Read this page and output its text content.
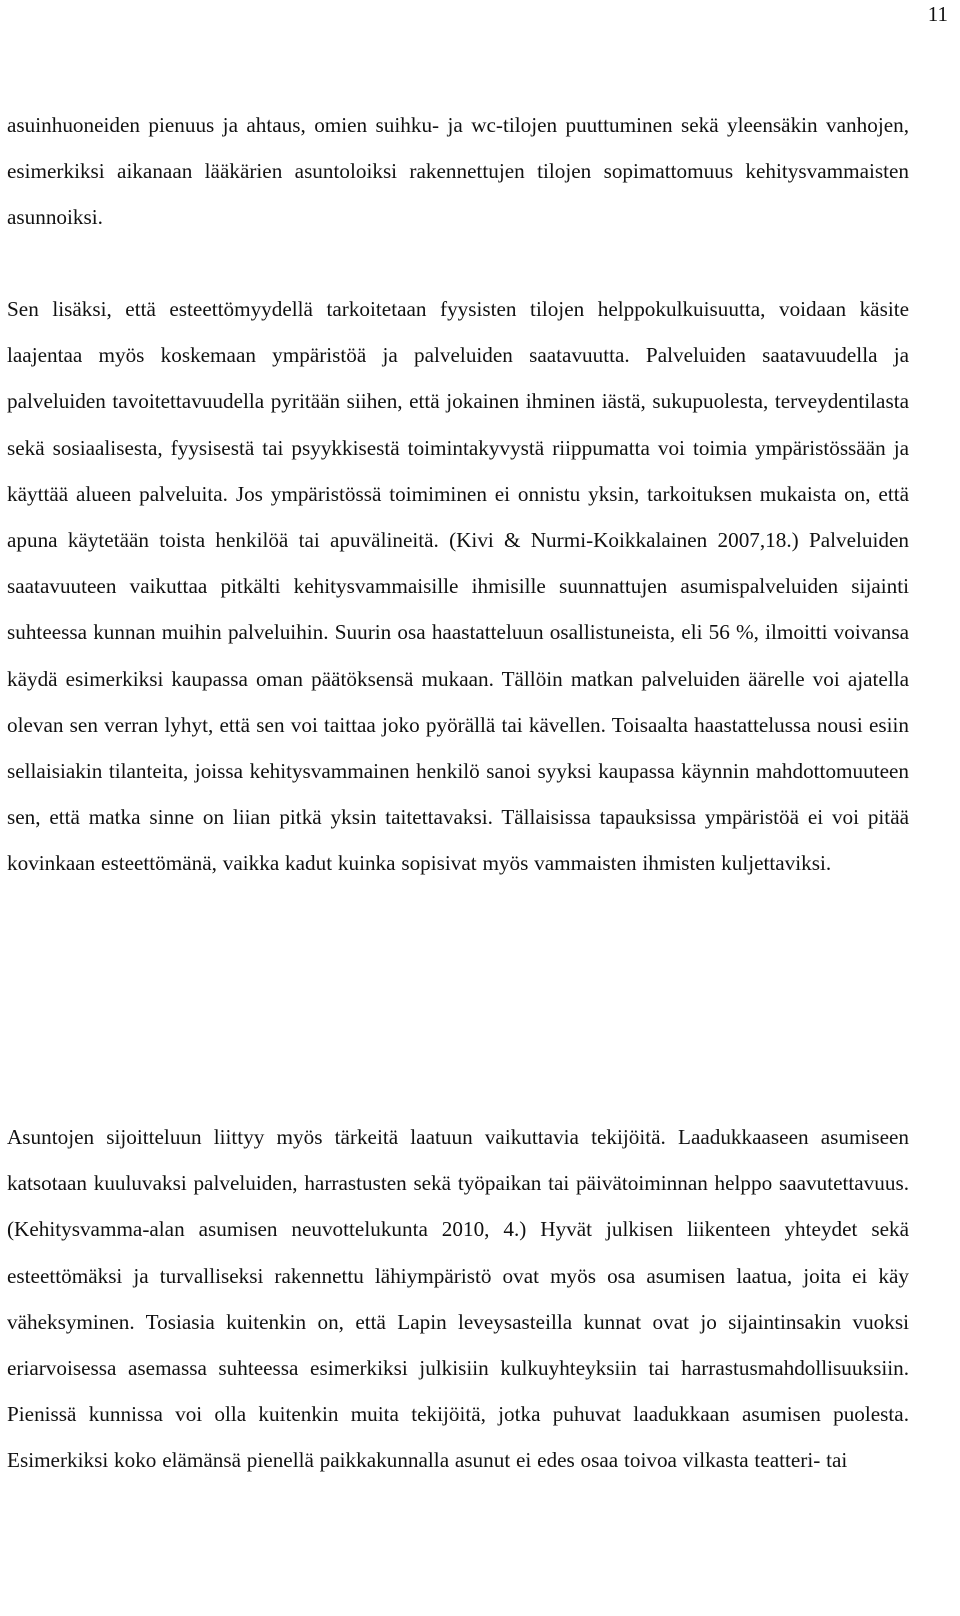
11

asuinhuoneiden pienuus ja ahtaus, omien suihku- ja wc-tilojen puuttuminen sekä yleensäkin vanhojen, esimerkiksi aikanaan lääkärien asuntoloiksi rakennettujen tilojen sopimattomuus kehitysvammaisten asunnoiksi.

Sen lisäksi, että esteettömyydellä tarkoitetaan fyysisten tilojen helppokulkuisuutta, voidaan käsite laajentaa myös koskemaan ympäristöä ja palveluiden saatavuutta. Palveluiden saatavuudella ja palveluiden tavoitettavuudella pyritään siihen, että jokainen ihminen iästä, sukupuolesta, terveydentilasta sekä sosiaalisesta, fyysisestä tai psyykkisestä toimintakyvystä riippumatta voi toimia ympäristössään ja käyttää alueen palveluita. Jos ympäristössä toimiminen ei onnistu yksin, tarkoituksen mukaista on, että apuna käytetään toista henkilöä tai apuvälineitä. (Kivi & Nurmi-Koikkalainen 2007,18.) Palveluiden saatavuuteen vaikuttaa pitkälti kehitysvammaisille ihmisille suunnattujen asumispalveluiden sijainti suhteessa kunnan muihin palveluihin. Suurin osa haastatteluun osallistuneista, eli 56 %, ilmoitti voivansa käydä esimerkiksi kaupassa oman päätöksensä mukaan. Tällöin matkan palveluiden äärelle voi ajatella olevan sen verran lyhyt, että sen voi taittaa joko pyörällä tai kävellen. Toisaalta haastattelussa nousi esiin sellaisiakin tilanteita, joissa kehitysvammainen henkilö sanoi syyksi kaupassa käynnin mahdottomuuteen sen, että matka sinne on liian pitkä yksin taitettavaksi. Tällaisissa tapauksissa ympäristöä ei voi pitää kovinkaan esteettömänä, vaikka kadut kuinka sopisivat myös vammaisten ihmisten kuljettaviksi.

Asuntojen sijoitteluun liittyy myös tärkeitä laatuun vaikuttavia tekijöitä. Laadukkaaseen asumiseen katsotaan kuuluvaksi palveluiden, harrastusten sekä työpaikan tai päivätoiminnan helppo saavutettavuus. (Kehitysvamma-alan asumisen neuvottelukunta 2010, 4.) Hyvät julkisen liikenteen yhteydet sekä esteettömäksi ja turvalliseksi rakennettu lähiympäristö ovat myös osa asumisen laatua, joita ei käy väheksyminen. Tosiasia kuitenkin on, että Lapin leveysasteilla kunnat ovat jo sijaintinsakin vuoksi eriarvoisessa asemassa suhteessa esimerkiksi julkisiin kulkuyhteyksiin tai harrastusmahdollisuuksiin. Pienissä kunnissa voi olla kuitenkin muita tekijöitä, jotka puhuvat laadukkaan asumisen puolesta. Esimerkiksi koko elämänsä pienellä paikkakunnalla asunut ei edes osaa toivoa vilkasta teatteri- tai
